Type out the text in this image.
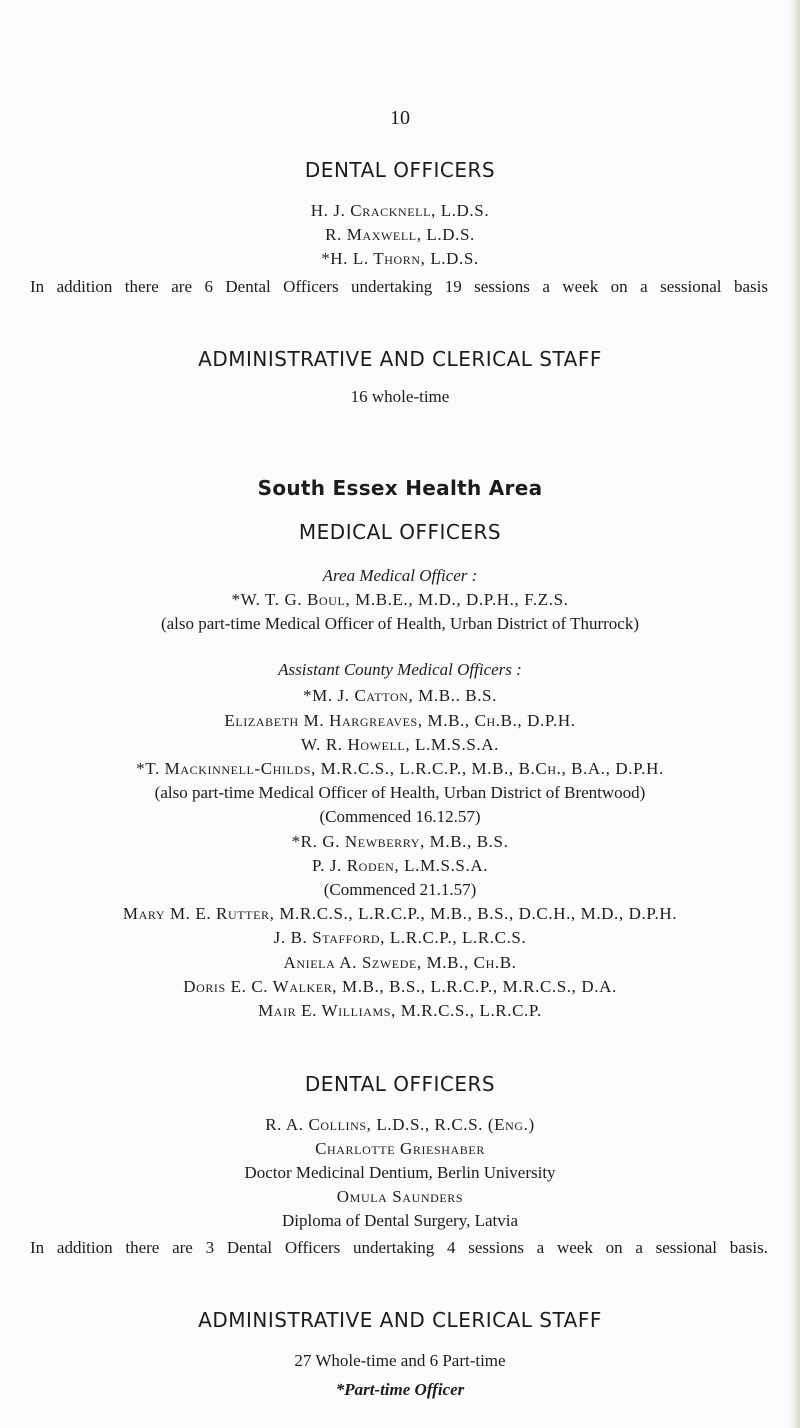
10
DENTAL OFFICERS
H. J. Cracknell, L.D.S.
R. Maxwell, L.D.S.
*H. L. Thorn, L.D.S.
In addition there are 6 Dental Officers undertaking 19 sessions a week on a sessional basis
ADMINISTRATIVE AND CLERICAL STAFF
16 whole-time
South Essex Health Area
MEDICAL OFFICERS
Area Medical Officer :
*W. T. G. Boul, M.B.E., M.D., D.P.H., F.Z.S.
(also part-time Medical Officer of Health, Urban District of Thurrock)
Assistant County Medical Officers :
*M. J. Catton, M.B.. B.S.
Elizabeth M. Hargreaves, M.B., Ch.B., D.P.H.
W. R. Howell, L.M.S.S.A.
*T. Mackinnell-Childs, M.R.C.S., L.R.C.P., M.B., B.Ch., B.A., D.P.H.
(also part-time Medical Officer of Health, Urban District of Brentwood)
(Commenced 16.12.57)
*R. G. Newberry, M.B., B.S.
P. J. Roden, L.M.S.S.A.
(Commenced 21.1.57)
Mary M. E. Rutter, M.R.C.S., L.R.C.P., M.B., B.S., D.C.H., M.D., D.P.H.
J. B. Stafford, L.R.C.P., L.R.C.S.
Aniela A. Szwede, M.B., Ch.B.
Doris E. C. Walker, M.B., B.S., L.R.C.P., M.R.C.S., D.A.
Mair E. Williams, M.R.C.S., L.R.C.P.
DENTAL OFFICERS
R. A. Collins, L.D.S., R.C.S. (Eng.)
Charlotte Grieshaber
Doctor Medicinal Dentium, Berlin University
Omula Saunders
Diploma of Dental Surgery, Latvia
In addition there are 3 Dental Officers undertaking 4 sessions a week on a sessional basis.
ADMINISTRATIVE AND CLERICAL STAFF
27 Whole-time and 6 Part-time
*Part-time Officer
